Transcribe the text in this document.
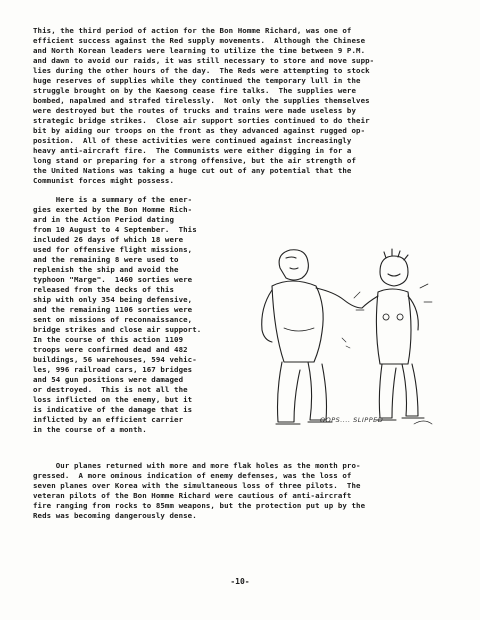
This, the third period of action for the Bon Homme Richard, was one of
efficient success against the Red supply movements.  Although the Chinese
and North Korean leaders were learning to utilize the time between 9 P.M.
and dawn to avoid our raids, it was still necessary to store and move supp-
lies during the other hours of the day.  The Reds were attempting to stock
huge reserves of supplies while they continued the temporary lull in the
struggle brought on by the Kaesong cease fire talks.  The supplies were
bombed, napalmed and strafed tirelessly.  Not only the supplies themselves
were destroyed but the routes of trucks and trains were made useless by
strategic bridge strikes.  Close air support sorties continued to do their
bit by aiding our troops on the front as they advanced against rugged op-
position.  All of these activities were continued against increasingly
heavy anti-aircraft fire.  The Communists were either digging in for a
long stand or preparing for a strong offensive, but the air strength of
the United Nations was taking a huge cut out of any potential that the
Communist forces might possess.
Here is a summary of the ener-
gies exerted by the Bon Homme Rich-
ard in the Action Period dating
from 10 August to 4 September.  This
included 26 days of which 18 were
used for offensive flight missions,
and the remaining 8 were used to
replenish the ship and avoid the
typhoon "Marge".  1460 sorties were
released from the decks of this
ship with only 354 being defensive,
and the remaining 1106 sorties were
sent on missions of reconnaissance,
bridge strikes and close air support.
In the course of this action 1109
troops were confirmed dead and 482
buildings, 56 warehouses, 594 vehic-
les, 996 railroad cars, 167 bridges
and 54 gun positions were damaged
or destroyed.  This is not all the
loss inflicted on the enemy, but it
is indicative of the damage that is
inflicted by an efficient carrier
in the course of a month.
OOPS.... SLIPPED
Our planes returned with more and more flak holes as the month pro-
gressed.  A more ominous indication of enemy defenses, was the loss of
seven planes over Korea with the simultaneous loss of three pilots.  The
veteran pilots of the Bon Homme Richard were cautious of anti-aircraft
fire ranging from rocks to 85mm weapons, but the protection put up by the
Reds was becoming dangerously dense.
-10-
